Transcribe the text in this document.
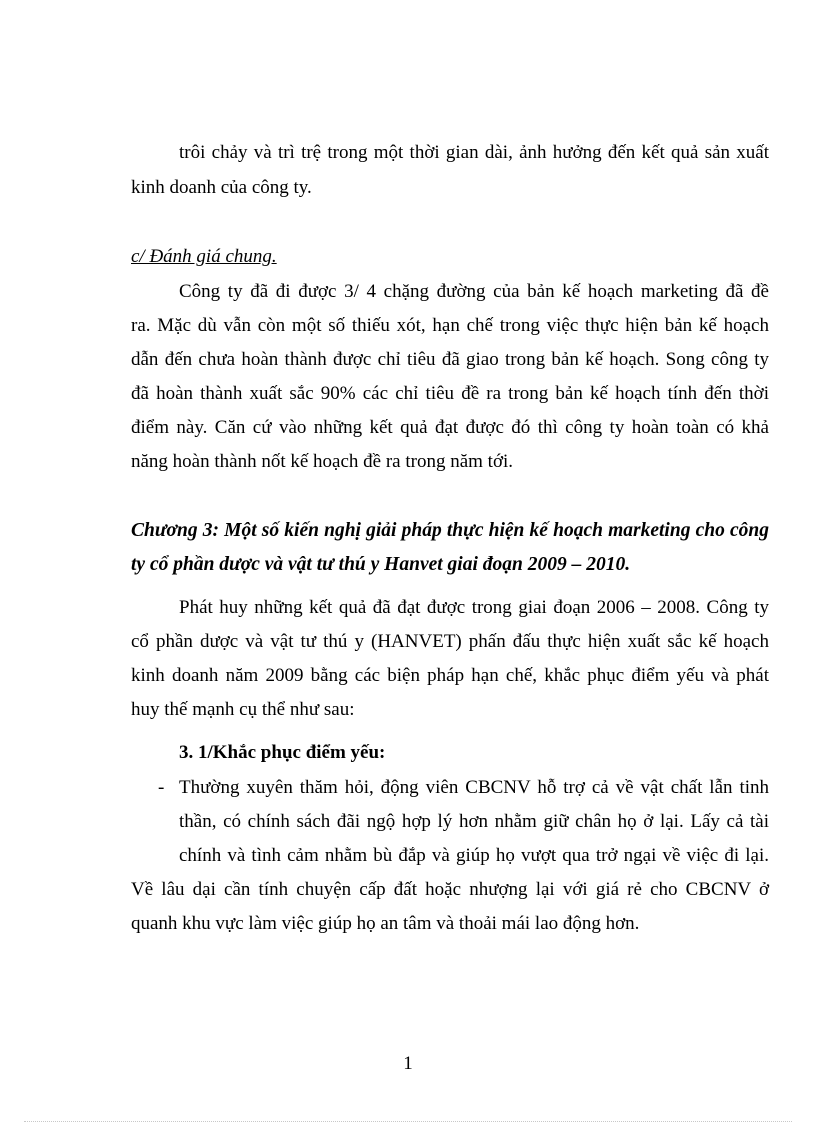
trôi chảy và trì trệ trong một thời gian dài, ảnh hưởng đến kết quả sản xuất
kinh doanh của công ty.
c/ Đánh giá chung.
Công ty đã đi được 3/ 4 chặng đường của bản kế hoạch marketing đã đề
ra. Mặc dù vẫn còn một số thiếu xót, hạn chế trong việc thực hiện bản kế hoạch
dẫn đến chưa hoàn thành được chỉ tiêu đã giao trong bản kế hoạch. Song công ty
đã hoàn thành xuất sắc 90% các chỉ tiêu đề ra trong bản kế hoạch tính đến thời
điểm này. Căn cứ vào những kết quả đạt được đó thì công ty hoàn toàn có khả
năng hoàn thành nốt kế hoạch đề ra trong năm tới.
Chương 3: Một số kiến nghị giải pháp thực hiện kế hoạch marketing cho công
ty cổ phần dược và vật tư thú y Hanvet giai đoạn 2009 – 2010.
Phát huy những kết quả đã đạt được trong giai đoạn 2006 – 2008. Công ty
cổ phần dược và vật tư thú y (HANVET) phấn đấu thực hiện xuất sắc kế hoạch
kinh doanh năm 2009 bằng các biện pháp hạn chế, khắc phục điểm yếu và phát
huy thế mạnh cụ thể như sau:
3. 1/Khắc phục điểm yếu:
- Thường xuyên thăm hỏi, động viên CBCNV hỗ trợ cả về vật chất lẫn tinh
thần, có chính sách đãi ngộ hợp lý hơn nhằm giữ chân họ ở lại. Lấy cả tài
chính và tình cảm nhằm bù đắp và giúp họ vượt qua trở ngại về việc đi lại.
Về lâu dại cần tính chuyện cấp đất hoặc nhượng lại với giá rẻ cho CBCNV ở
quanh khu vực làm việc giúp họ an tâm và thoải mái lao động hơn.
1
